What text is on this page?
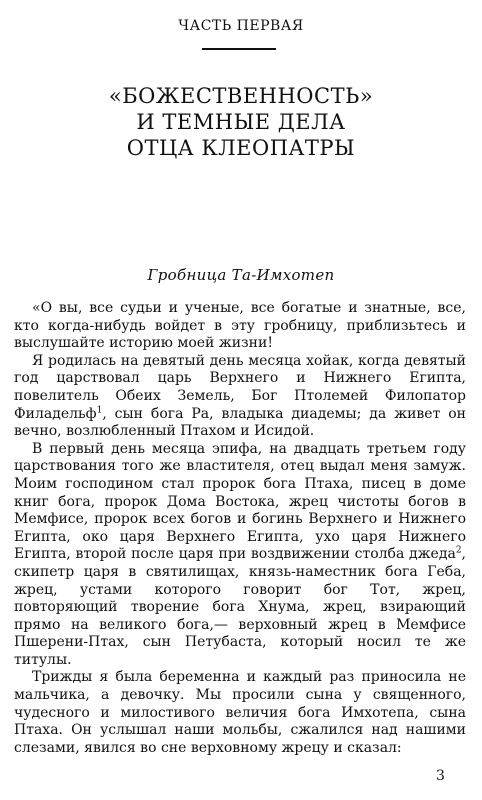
ЧАСТЬ ПЕРВАЯ
«БОЖЕСТВЕННОСТЬ»
И ТЕМНЫЕ ДЕЛА
ОТЦА КЛЕОПАТРЫ
Гробница Та-Имхотеп

«О вы, все судьи и ученые, все богатые и знатные, все, кто когда-нибудь войдет в эту гробницу, приблизьтесь и выслушайте историю моей жизни!

Я родилась на девятый день месяца хойак, когда девятый год царствовал царь Верхнего и Нижнего Египта, повелитель Обеих Земель, Бог Птолемей Филопатор Филадельф$^1$, сын бога Ра, владыка диадемы; да живет он вечно, возлюбленный Птахом и Исидой.

В первый день месяца эпифа, на двадцать третьем году царствования того же властителя, отец выдал меня замуж. Моим господином стал пророк бога Птаха, писец в доме книг бога, пророк Дома Востока, жрец чистоты богов в Мемфисе, пророк всех богов и богинь Верхнего и Нижнего Египта, око царя Верхнего Египта, ухо царя Нижнего Египта, второй после царя при воздвижении столба джеда$^2$, скипетр царя в святилищах, князь-наместник бога Геба, жрец, устами которого говорит бог Тот, жрец, повторяющий творение бога Хнума, жрец, взирающий прямо на великого бога,— верховный жрец в Мемфисе Пшерени-Птах, сын Петубаста, который носил те же титулы.

Трижды я была беременна и каждый раз приносила не мальчика, а девочку. Мы просили сына у священного, чудесного и милостивого величия бога Имхотепа, сына Птаха. Он услышал наши мольбы, сжалился над нашими слезами, явился во сне верховному жрецу и сказал:

3
